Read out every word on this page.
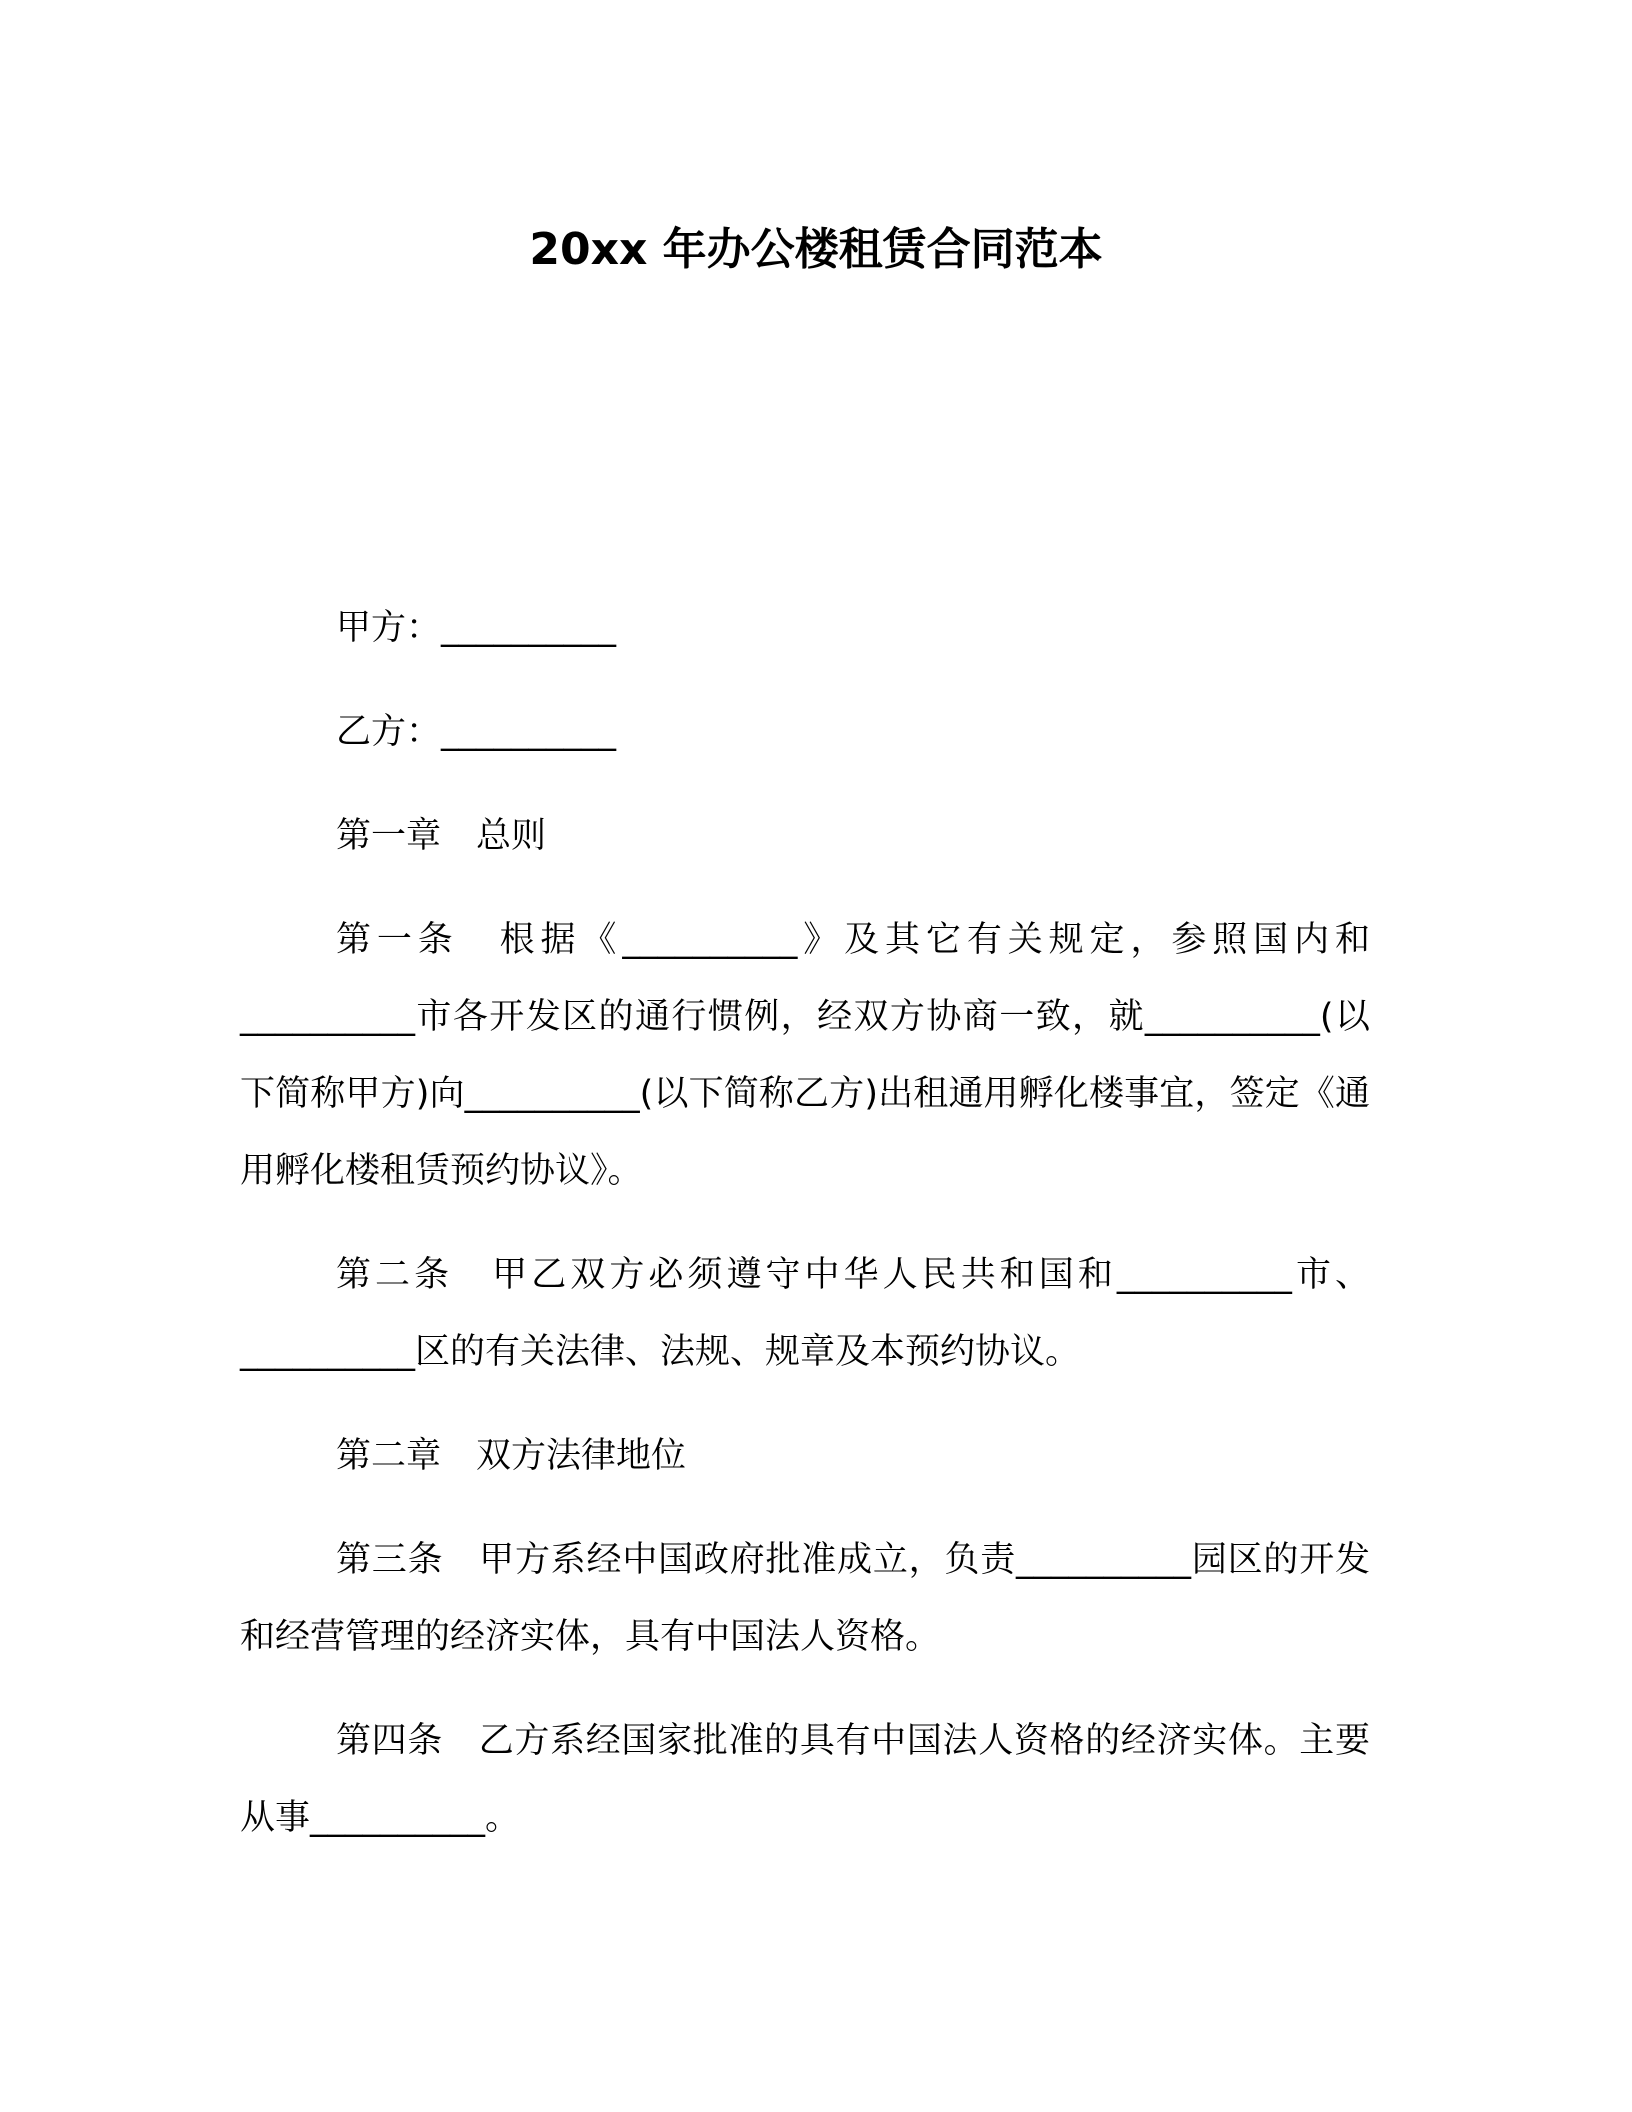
20xx 年办公楼租赁合同范本

甲方：__________

乙方：__________

第一章　总则

第一条　根据《__________》及其它有关规定，参照国内和__________市各开发区的通行惯例，经双方协商一致，就__________(以下简称甲方)向__________(以下简称乙方)出租通用孵化楼事宜，签定《通用孵化楼租赁预约协议》。

第二条　甲乙双方必须遵守中华人民共和国和__________市、__________区的有关法律、法规、规章及本预约协议。

第二章　双方法律地位

第三条　甲方系经中国政府批准成立，负责__________园区的开发和经营管理的经济实体，具有中国法人资格。

第四条　乙方系经国家批准的具有中国法人资格的经济实体。主要从事__________。
